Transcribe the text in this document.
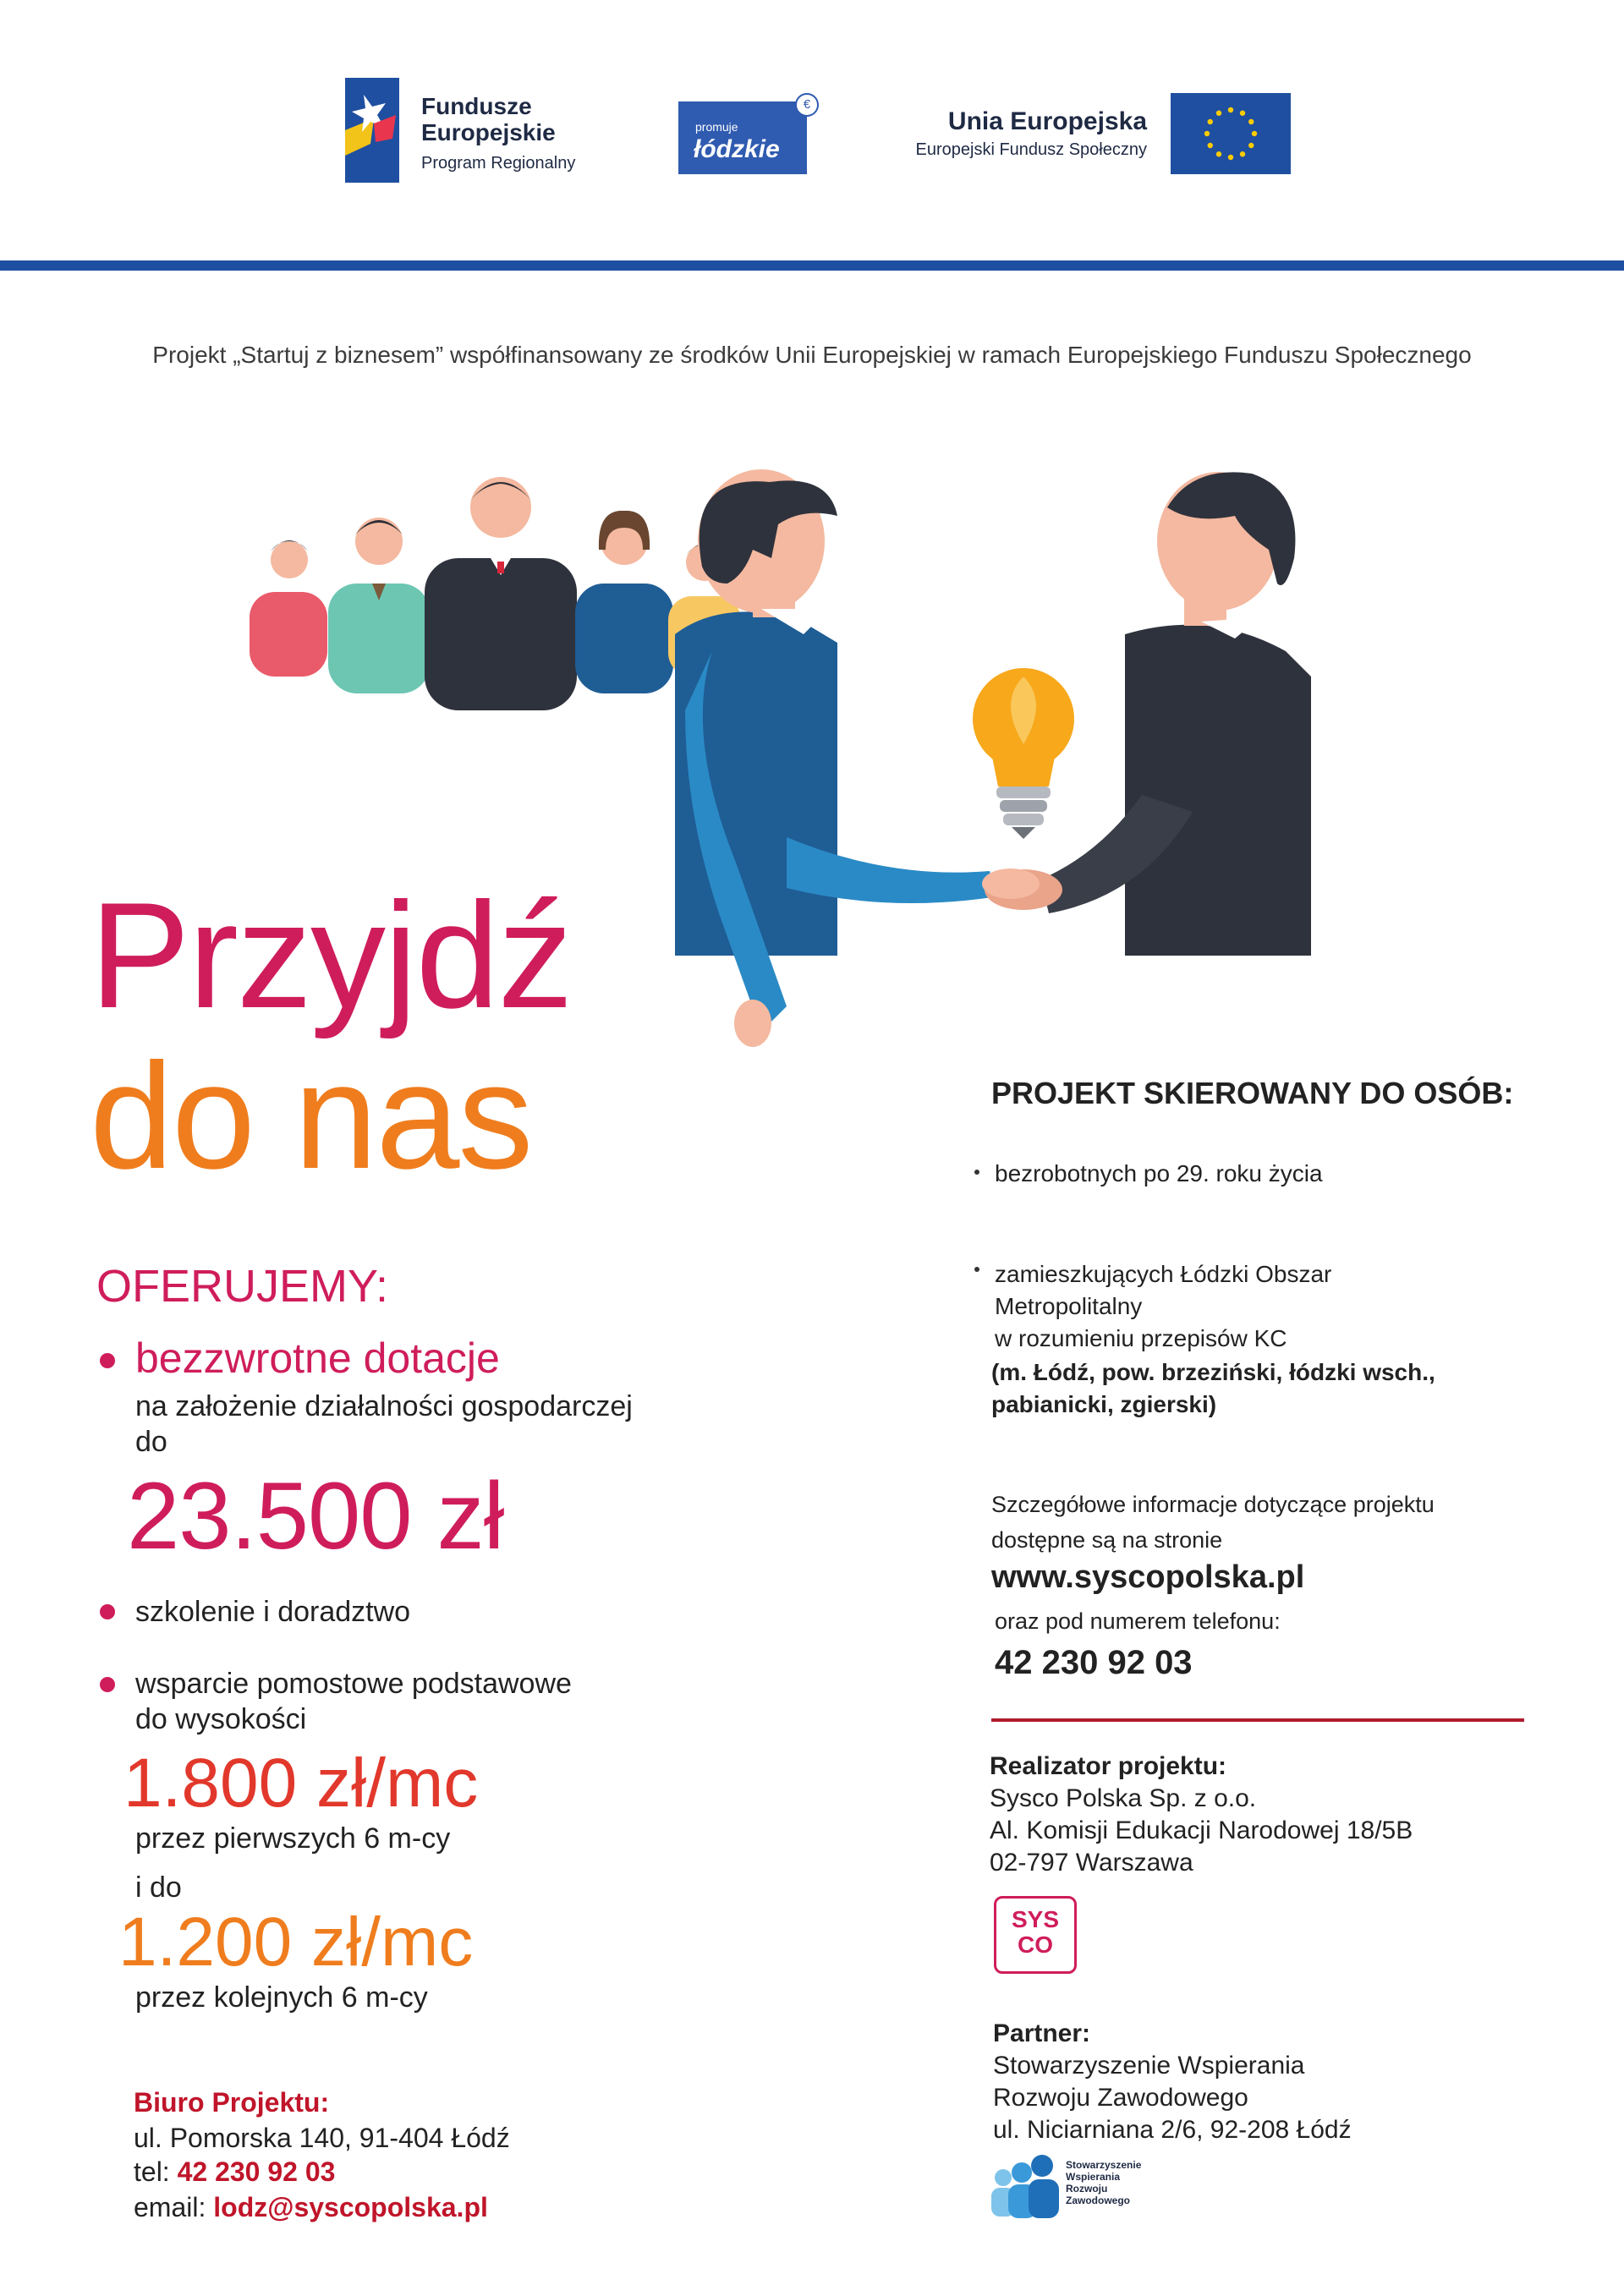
Fundusze
Europejskie
Program Regionalny
promuje
łódzkie
€
Unia Europejska
Europejski Fundusz Społeczny
Projekt „Startuj z biznesem” współfinansowany ze środków Unii Europejskiej w ramach Europejskiego Funduszu Społecznego
Przyjdź
do nas
OFERUJEMY:
bezzwrotne dotacje
na założenie działalności gospodarczej
do
23.500 zł
szkolenie i doradztwo
wsparcie pomostowe podstawowe
do wysokości
1.800 zł/mc
przez pierwszych 6 m-cy
i do
1.200 zł/mc
przez kolejnych 6 m-cy
Biuro Projektu:
ul. Pomorska 140, 91-404 Łódź
tel: 42 230 92 03
email: lodz@syscopolska.pl
PROJEKT SKIEROWANY DO OSÓB:
bezrobotnych po 29. roku życia
zamieszkujących Łódzki Obszar
Metropolitalny
w rozumieniu przepisów KC
(m. Łódź, pow. brzeziński, łódzki wsch.,
pabianicki, zgierski)
Szczegółowe informacje dotyczące projektu
dostępne są na stronie
www.syscopolska.pl
oraz pod numerem telefonu:
42 230 92 03
Realizator projektu:
Sysco Polska Sp. z o.o.
Al. Komisji Edukacji Narodowej 18/5B
02-797 Warszawa
SYS
CO
Partner:
Stowarzyszenie Wspierania
Rozwoju Zawodowego
ul. Niciarniana 2/6, 92-208 Łódź
Stowarzyszenie
Wspierania
Rozwoju
Zawodowego
